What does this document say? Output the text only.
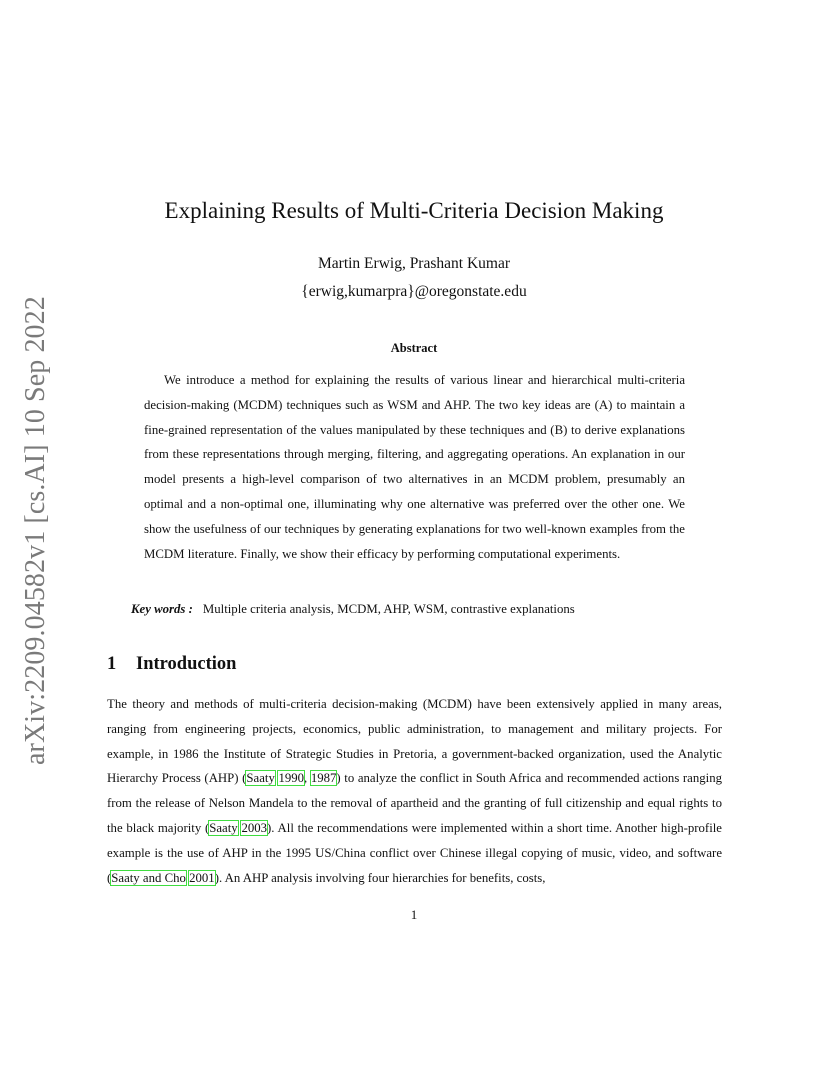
arXiv:2209.04582v1 [cs.AI] 10 Sep 2022
Explaining Results of Multi-Criteria Decision Making
Martin Erwig, Prashant Kumar
{erwig,kumarpra}@oregonstate.edu
Abstract
We introduce a method for explaining the results of various linear and hierarchical multi-criteria decision-making (MCDM) techniques such as WSM and AHP. The two key ideas are (A) to maintain a fine-grained representation of the values manipulated by these techniques and (B) to derive explanations from these representations through merging, filtering, and aggregating operations. An explanation in our model presents a high-level comparison of two alternatives in an MCDM problem, presumably an optimal and a non-optimal one, illuminating why one alternative was preferred over the other one. We show the usefulness of our techniques by generating explanations for two well-known examples from the MCDM literature. Finally, we show their efficacy by performing computational experiments.
Key words : Multiple criteria analysis, MCDM, AHP, WSM, contrastive explanations
1 Introduction
The theory and methods of multi-criteria decision-making (MCDM) have been extensively applied in many areas, ranging from engineering projects, economics, public administration, to management and military projects. For example, in 1986 the Institute of Strategic Studies in Pretoria, a government-backed organization, used the Analytic Hierarchy Process (AHP) (Saaty 1990, 1987) to analyze the conflict in South Africa and recommended actions ranging from the release of Nelson Mandela to the removal of apartheid and the granting of full citizenship and equal rights to the black majority (Saaty 2003). All the recommendations were implemented within a short time. Another high-profile example is the use of AHP in the 1995 US/China conflict over Chinese illegal copying of music, video, and software (Saaty and Cho 2001). An AHP analysis involving four hierarchies for benefits, costs,
1
